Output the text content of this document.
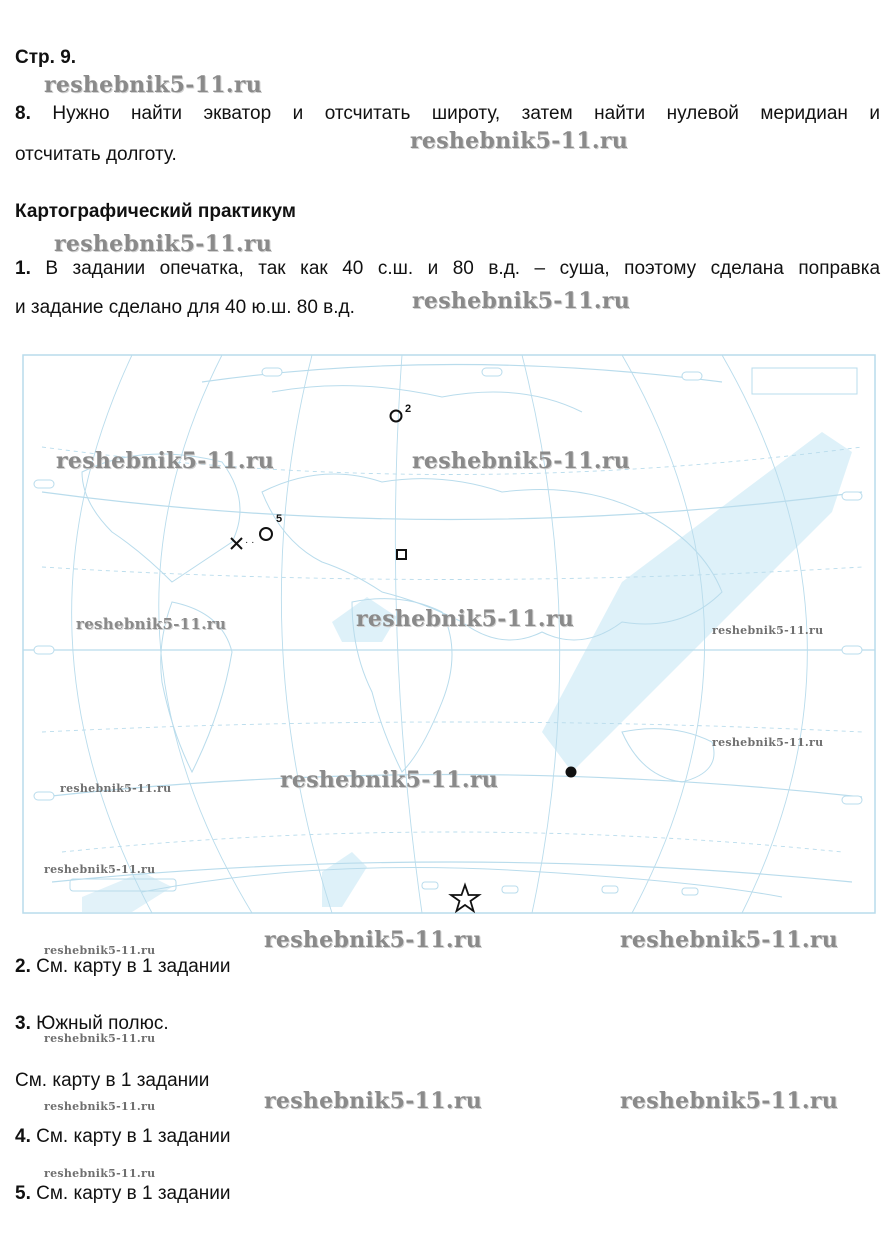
Стр. 9.
8. Нужно найти экватор и отсчитать широту, затем найти нулевой меридиан и
отсчитать долготу.
Картографический практикум
1. В задании опечатка, так как 40 с.ш. и 80 в.д. – суша, поэтому сделана поправка
и задание сделано для 40 ю.ш. 80 в.д.
2
· ·
5
2. См. карту в 1 задании
3. Южный полюс.
См. карту в 1 задании
4. См. карту в 1 задании
5. См. карту в 1 задании
reshebnik5-11.ru
reshebnik5-11.ru
reshebnik5-11.ru
reshebnik5-11.ru
reshebnik5-11.ru	reshebnik5-11.ru
reshebnik5-11.ru	reshebnik5-11.ru	reshebnik5-11.ru
reshebnik5-11.ru
reshebnik5-11.ru
reshebnik5-11.ru
reshebnik5-11.ru
reshebnik5-11.ru	reshebnik5-11.ru
reshebnik5-11.ru
reshebnik5-11.ru
reshebnik5-11.ru	reshebnik5-11.ru
reshebnik5-11.ru
reshebnik5-11.ru
